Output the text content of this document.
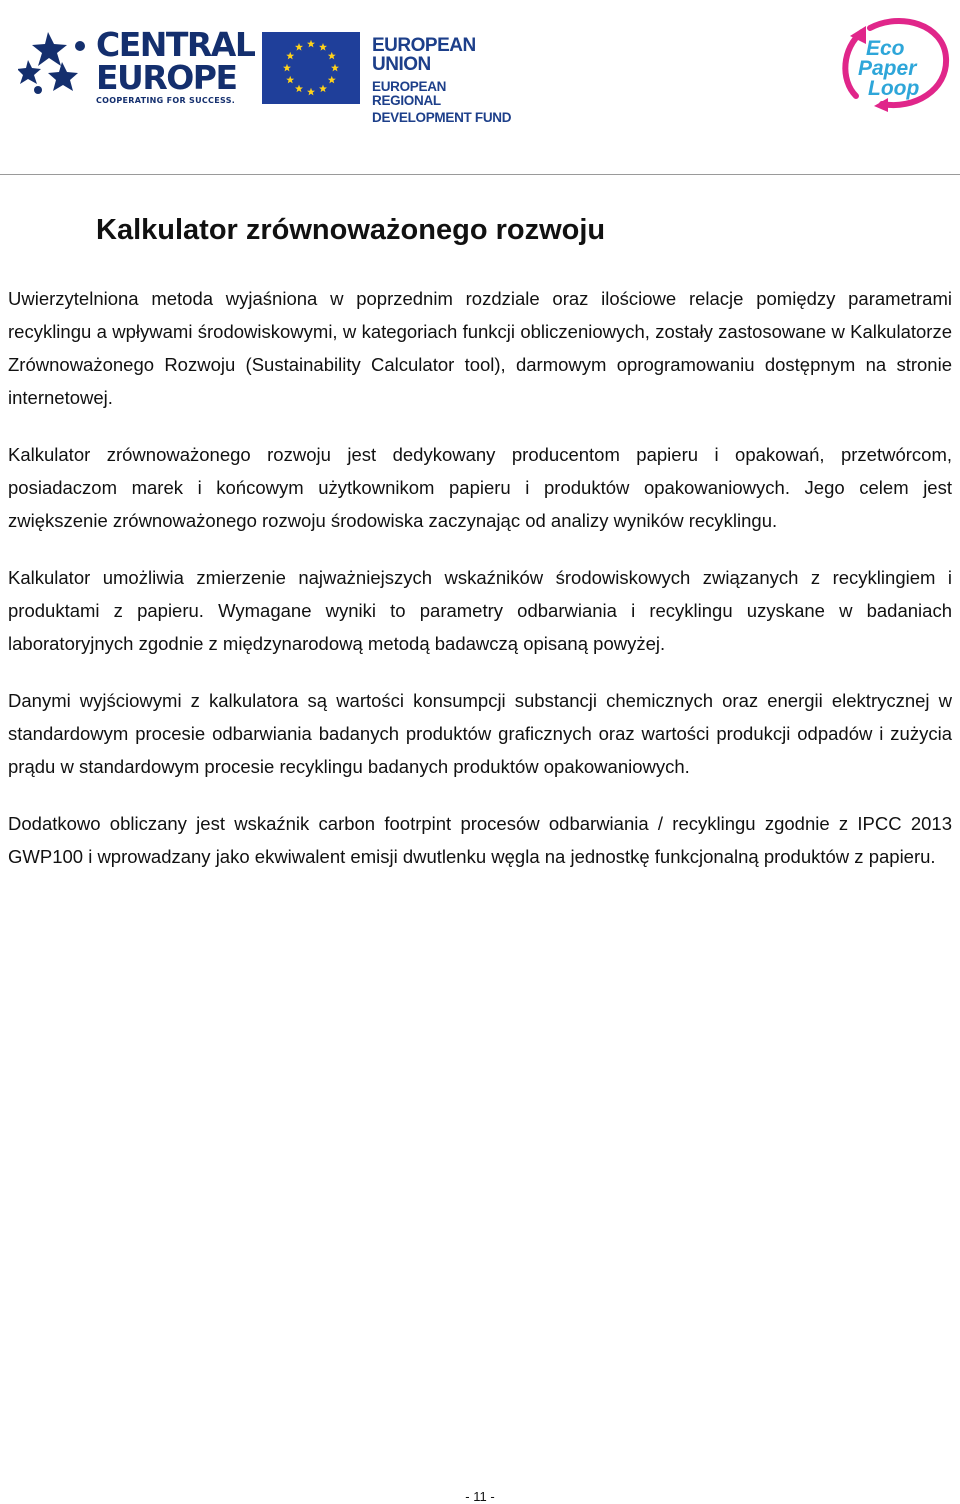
CENTRAL
EUROPE
COOPERATING FOR SUCCESS.
EUROPEAN UNION
EUROPEAN REGIONAL
DEVELOPMENT FUND
Eco
Paper
Loop
Kalkulator zrównoważonego rozwoju

Uwierzytelniona metoda wyjaśniona w poprzednim rozdziale oraz ilościowe relacje pomiędzy parametrami recyklingu a wpływami środowiskowymi, w kategoriach funkcji obliczeniowych, zostały zastosowane w Kalkulatorze Zrównoważonego Rozwoju (Sustainability Calculator tool), darmowym oprogramowaniu dostępnym na stronie internetowej.

Kalkulator zrównoważonego rozwoju jest dedykowany producentom papieru i opakowań, przetwórcom, posiadaczom marek i końcowym użytkownikom papieru i produktów opakowaniowych. Jego celem jest zwiększenie zrównoważonego rozwoju środowiska zaczynając od analizy wyników recyklingu.

Kalkulator umożliwia zmierzenie najważniejszych wskaźników środowiskowych związanych z recyklingiem i produktami z papieru. Wymagane wyniki to parametry odbarwiania i recyklingu uzyskane w badaniach laboratoryjnych zgodnie z międzynarodową metodą badawczą opisaną powyżej.

Danymi wyjściowymi z kalkulatora są wartości konsumpcji substancji chemicznych oraz energii elektrycznej w standardowym procesie odbarwiania badanych produktów graficznych oraz wartości produkcji odpadów i zużycia prądu w standardowym procesie recyklingu badanych produktów opakowaniowych.

Dodatkowo obliczany jest wskaźnik carbon footrpint procesów odbarwiania / recyklingu zgodnie z IPCC 2013 GWP100 i wprowadzany jako ekwiwalent emisji dwutlenku węgla na jednostkę funkcjonalną produktów z papieru.

- 11 -
